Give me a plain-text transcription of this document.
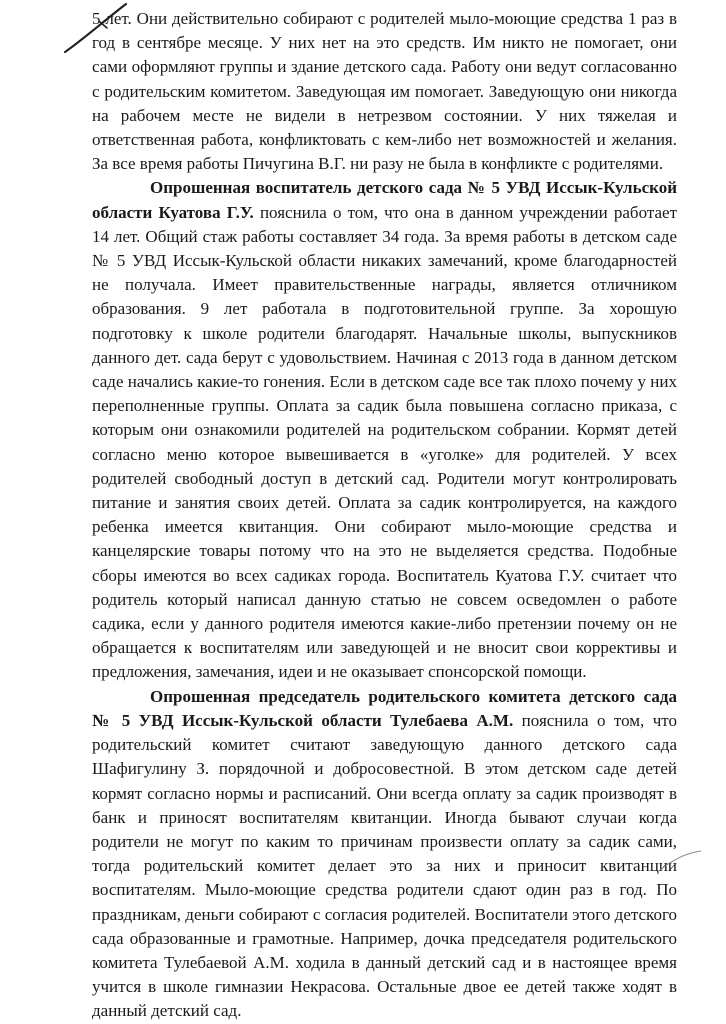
5 лет. Они действительно собирают с родителей мыло-моющие средства 1 раз в год в сентябре месяце. У них нет на это средств. Им никто не помогает, они сами оформляют группы и здание детского сада. Работу они ведут согласованно с родительским комитетом. Заведующая им помогает. Заведующую они никогда на рабочем месте не видели в нетрезвом состоянии. У них тяжелая и ответственная работа, конфликтовать с кем-либо нет возможностей и желания. За все время работы Пичугина В.Г. ни разу не была в конфликте с родителями.

Опрошенная воспитатель детского сада № 5 УВД Иссык-Кульской области Куатова Г.У. пояснила о том, что она в данном учреждении работает 14 лет. Общий стаж работы составляет 34 года. За время работы в детском саде № 5 УВД Иссык-Кульской области никаких замечаний, кроме благодарностей не получала. Имеет правительственные награды, является отличником образования. 9 лет работала в подготовительной группе. За хорошую подготовку к школе родители благодарят. Начальные школы, выпускников данного дет. сада берут с удовольствием. Начиная с 2013 года в данном детском саде начались какие-то гонения. Если в детском саде все так плохо почему у них переполненные группы. Оплата за садик была повышена согласно приказа, с которым они ознакомили родителей на родительском собрании. Кормят детей согласно меню которое вывешивается в «уголке» для родителей. У всех родителей свободный доступ в детский сад. Родители могут контролировать питание и занятия своих детей. Оплата за садик контролируется, на каждого ребенка имеется квитанция. Они собирают мыло-моющие средства и канцелярские товары потому что на это не выделяется средства. Подобные сборы имеются во всех садиках города. Воспитатель Куатова Г.У. считает что родитель который написал данную статью не совсем осведомлен о работе садика, если у данного родителя имеются какие-либо претензии почему он не обращается к воспитателям или заведующей и не вносит свои коррективы и предложения, замечания, идеи и не оказывает спонсорской помощи.

Опрошенная председатель родительского комитета детского сада № 5 УВД Иссык-Кульской области Тулебаева А.М. пояснила о том, что родительский комитет считают заведующую данного детского сада Шафигулину З. порядочной и добросовестной. В этом детском саде детей кормят согласно нормы и расписаний. Они всегда оплату за садик производят в банк и приносят воспитателям квитанции. Иногда бывают случаи когда родители не могут по каким то причинам произвести оплату за садик сами, тогда родительский комитет делает это за них и приносит квитанции воспитателям. Мыло-моющие средства родители сдают один раз в год. По праздникам, деньги собирают с согласия родителей. Воспитатели этого детского сада образованные и грамотные. Например, дочка председателя родительского комитета Тулебаевой А.М. ходила в данный детский сад и в настоящее время учится в школе гимназии Некрасова. Остальные двое ее детей также ходят в данный детский сад.
